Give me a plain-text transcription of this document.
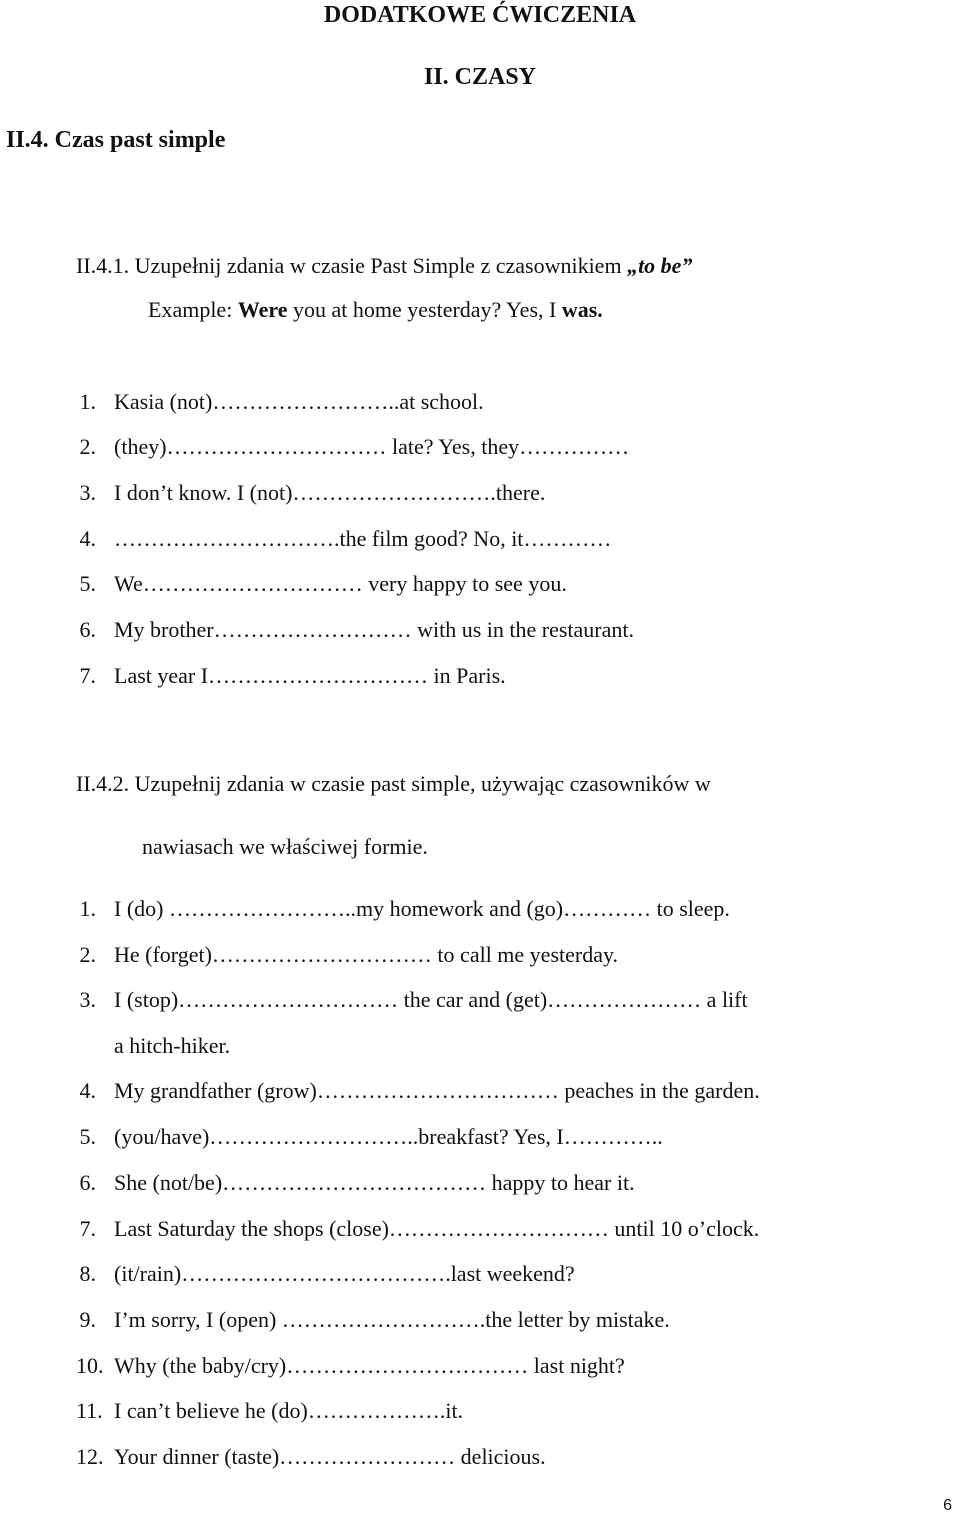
DODATKOWE ĆWICZENIA
II. CZASY
II.4. Czas past simple
II.4.1. Uzupełnij zdania w czasie Past Simple z czasownikiem „to be”
Example: Were you at home yesterday? Yes, I was.
1. Kasia (not)……………………..at school.
2. (they)………………………… late? Yes, they……………
3. I don’t know. I (not)……………………….there.
4. ………………………….the film good? No, it…………
5. We………………………… very happy to see you.
6. My brother……………………… with us in the restaurant.
7. Last year I………………………… in Paris.
II.4.2. Uzupełnij zdania w czasie past simple, używając czasowników w
nawiasach we właściwej formie.
1. I (do) ……………………..my homework and (go)………… to sleep.
2. He (forget)………………………… to call me yesterday.
3. I (stop)………………………… the car and (get)………………… a lift
a hitch-hiker.
4. My grandfather (grow)…………………………… peaches in the garden.
5. (you/have)………………………..breakfast? Yes, I…………..
6. She (not/be)……………………………… happy to hear it.
7. Last Saturday the shops (close)………………………… until 10 o’clock.
8. (it/rain)……………………………….last weekend?
9. I’m sorry, I (open) ……………………….the letter by mistake.
10. Why (the baby/cry)…………………………… last night?
11. I can’t believe he (do)……………….it.
12. Your dinner (taste)…………………… delicious.
6
